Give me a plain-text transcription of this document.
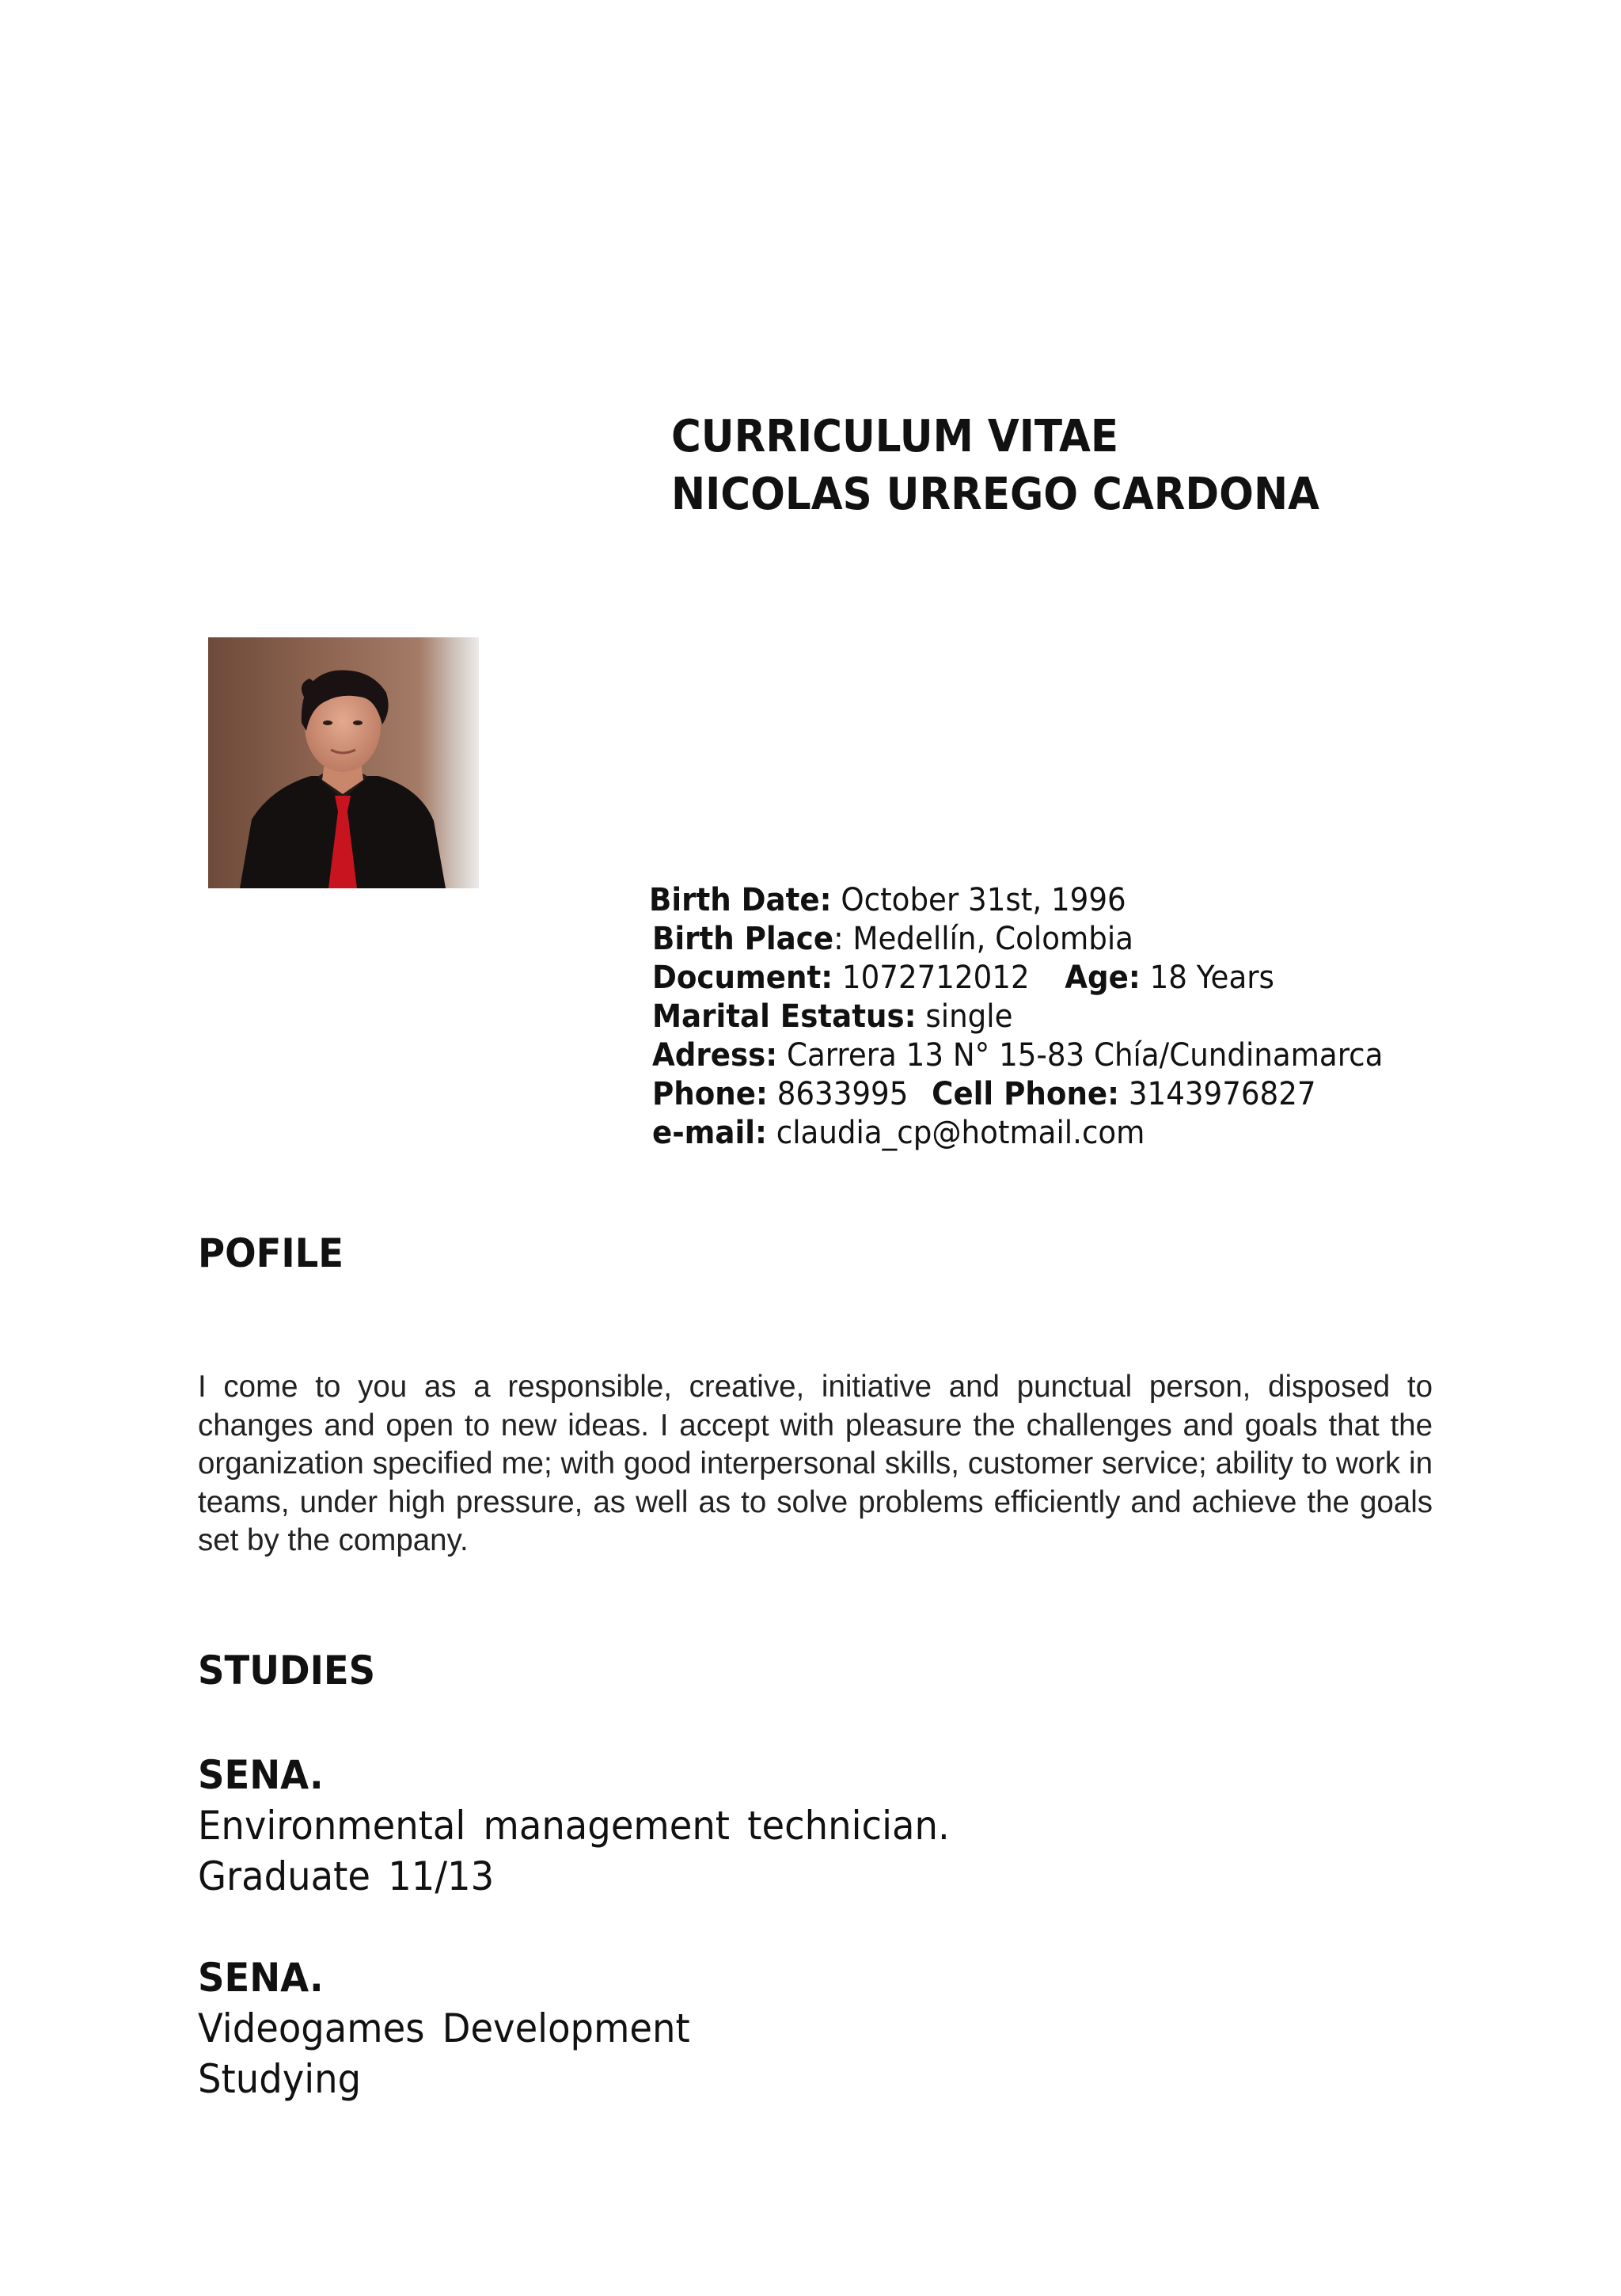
CURRICULUM VITAE
NICOLAS URREGO CARDONA
Birth Date: October 31st, 1996
Birth Place: Medellín, Colombia
Document: 1072712012 Age: 18 Years
Marital Estatus: single
Adress: Carrera 13 N° 15-83 Chía/Cundinamarca
Phone: 8633995 Cell Phone: 3143976827
e-mail: claudia_cp@hotmail.com
POFILE
I come to you as a responsible, creative, initiative and punctual person, disposed to changes and open to new ideas. I accept with pleasure the challenges and goals that the organization specified me; with good interpersonal skills, customer service; ability to work in teams, under high pressure, as well as to solve problems efficiently and achieve the goals set by the company.
STUDIES
SENA.
Environmental management technician.
Graduate 11/13
SENA.
Videogames Development
Studying
